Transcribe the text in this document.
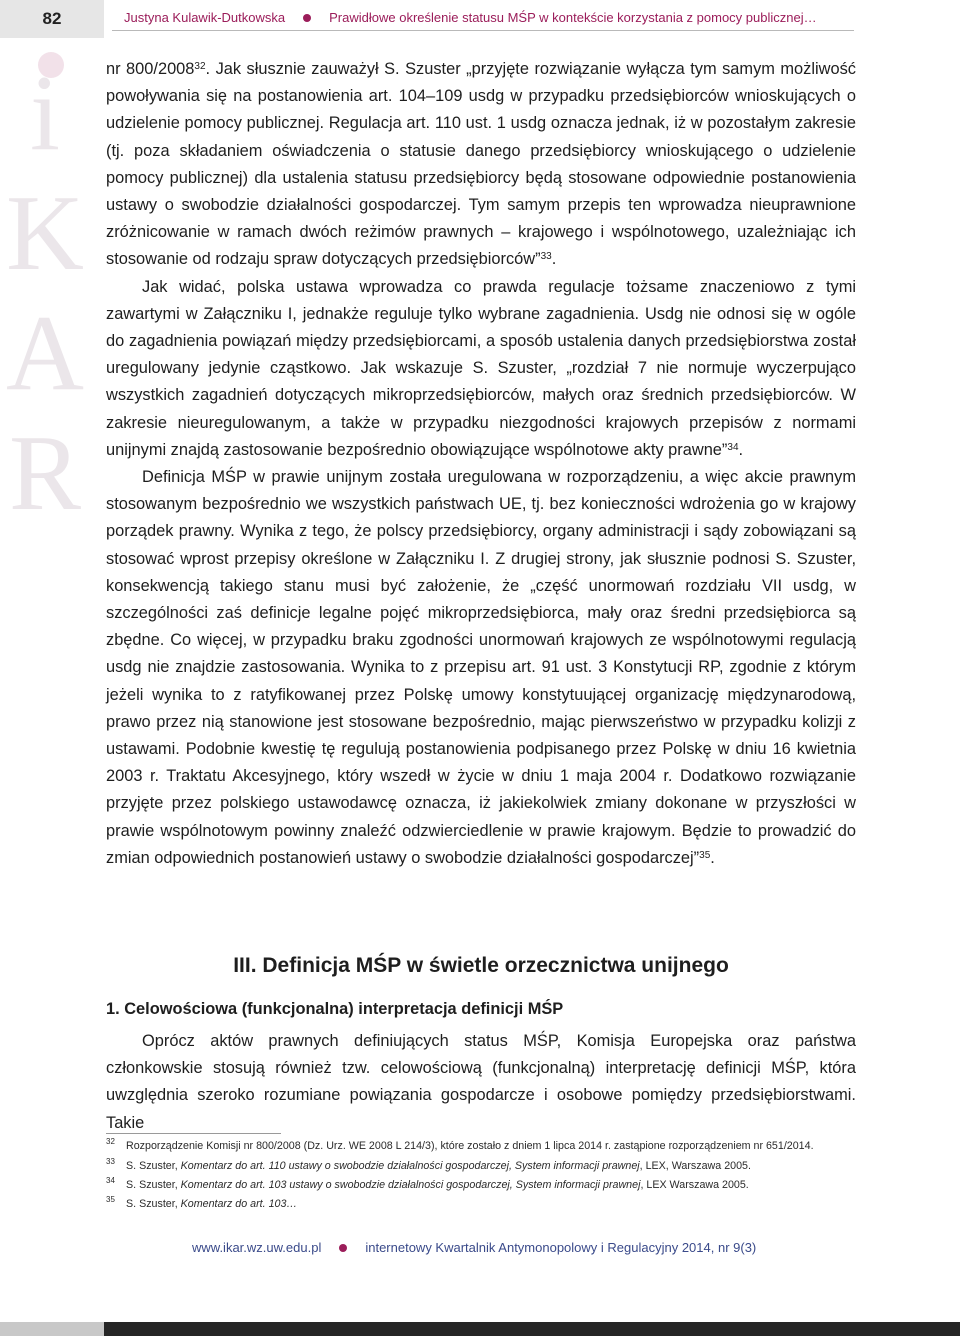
82	Justyna Kulawik-Dutkowska	Prawidłowe określenie statusu MŚP w kontekście korzystania z pomocy publicznej…
i
K
A
R

nr 800/2008$^{32}$. Jak słusznie zauważył S. Szuster „przyjęte rozwiązanie wyłącza tym samym możliwość powoływania się na postanowienia art. 104–109 usdg w przypadku przedsiębiorców wnioskujących o udzielenie pomocy publicznej. Regulacja art. 110 ust. 1 usdg oznacza jednak, iż w pozostałym zakresie (tj. poza składaniem oświadczenia o statusie danego przedsiębiorcy wnioskującego o udzielenie pomocy publicznej) dla ustalenia statusu przedsiębiorcy będą stosowane odpowiednie postanowienia ustawy o swobodzie działalności gospodarczej. Tym samym przepis ten wprowadza nieuprawnione zróżnicowanie w ramach dwóch reżimów prawnych – krajowego i wspólnotowego, uzależniając ich stosowanie od rodzaju spraw dotyczących przedsiębiorców”$^{33}$.

Jak widać, polska ustawa wprowadza co prawda regulacje tożsame znaczeniowo z tymi zawartymi w Załączniku I, jednakże reguluje tylko wybrane zagadnienia. Usdg nie odnosi się w ogóle do zagadnienia powiązań między przedsiębiorcami, a sposób ustalenia danych przedsiębiorstwa został uregulowany jedynie cząstkowo. Jak wskazuje S. Szuster, „rozdział 7 nie normuje wyczerpująco wszystkich zagadnień dotyczących mikroprzedsiębiorców, małych oraz średnich przedsiębiorców. W zakresie nieuregulowanym, a także w przypadku niezgodności krajowych przepisów z normami unijnymi znajdą zastosowanie bezpośrednio obowiązujące wspólnotowe akty prawne”$^{34}$.

Definicja MŚP w prawie unijnym została uregulowana w rozporządzeniu, a więc akcie prawnym stosowanym bezpośrednio we wszystkich państwach UE, tj. bez konieczności wdrożenia go w krajowy porządek prawny. Wynika z tego, że polscy przedsiębiorcy, organy administracji i sądy zobowiązani są stosować wprost przepisy określone w Załączniku I. Z drugiej strony, jak słusznie podnosi S. Szuster, konsekwencją takiego stanu musi być założenie, że „część unormowań rozdziału VII usdg, w szczególności zaś definicje legalne pojęć mikroprzedsiębiorca, mały oraz średni przedsiębiorca są zbędne. Co więcej, w przypadku braku zgodności unormowań krajowych ze wspólnotowymi regulacją usdg nie znajdzie zastosowania. Wynika to z przepisu art. 91 ust. 3 Konstytucji RP, zgodnie z którym jeżeli wynika to z ratyfikowanej przez Polskę umowy konstytuującej organizację międzynarodową, prawo przez nią stanowione jest stosowane bezpośrednio, mając pierwszeństwo w przypadku kolizji z ustawami. Podobnie kwestię tę regulują postanowienia podpisanego przez Polskę w dniu 16 kwietnia 2003 r. Traktatu Akcesyjnego, który wszedł w życie w dniu 1 maja 2004 r. Dodatkowo rozwiązanie przyjęte przez polskiego ustawodawcę oznacza, iż jakiekolwiek zmiany dokonane w przyszłości w prawie wspólnotowym powinny znaleźć odzwierciedlenie w prawie krajowym. Będzie to prowadzić do zmian odpowiednich postanowień ustawy o swobodzie działalności gospodarczej”$^{35}$.

III. Definicja MŚP w świetle orzecznictwa unijnego
1. Celowościowa (funkcjonalna) interpretacja definicji MŚP

Oprócz aktów prawnych definiujących status MŚP, Komisja Europejska oraz państwa członkowskie stosują również tzw. celowościową (funkcjonalną) interpretację definicji MŚP, która uwzględnia szeroko rozumiane powiązania gospodarcze i osobowe pomiędzy przedsiębiorstwami. Takie

32 Rozporządzenie Komisji nr 800/2008 (Dz. Urz. WE 2008 L 214/3), które zostało z dniem 1 lipca 2014 r. zastąpione rozporządzeniem nr 651/2014.
33 S. Szuster, Komentarz do art. 110 ustawy o swobodzie działalności gospodarczej, System informacji prawnej, LEX, Warszawa 2005.
34 S. Szuster, Komentarz do art. 103 ustawy o swobodzie działalności gospodarczej, System informacji prawnej, LEX Warszawa 2005.
35 S. Szuster, Komentarz do art. 103…
www.ikar.wz.uw.edu.pl	internetowy Kwartalnik Antymonopolowy i Regulacyjny 2014, nr 9(3)
